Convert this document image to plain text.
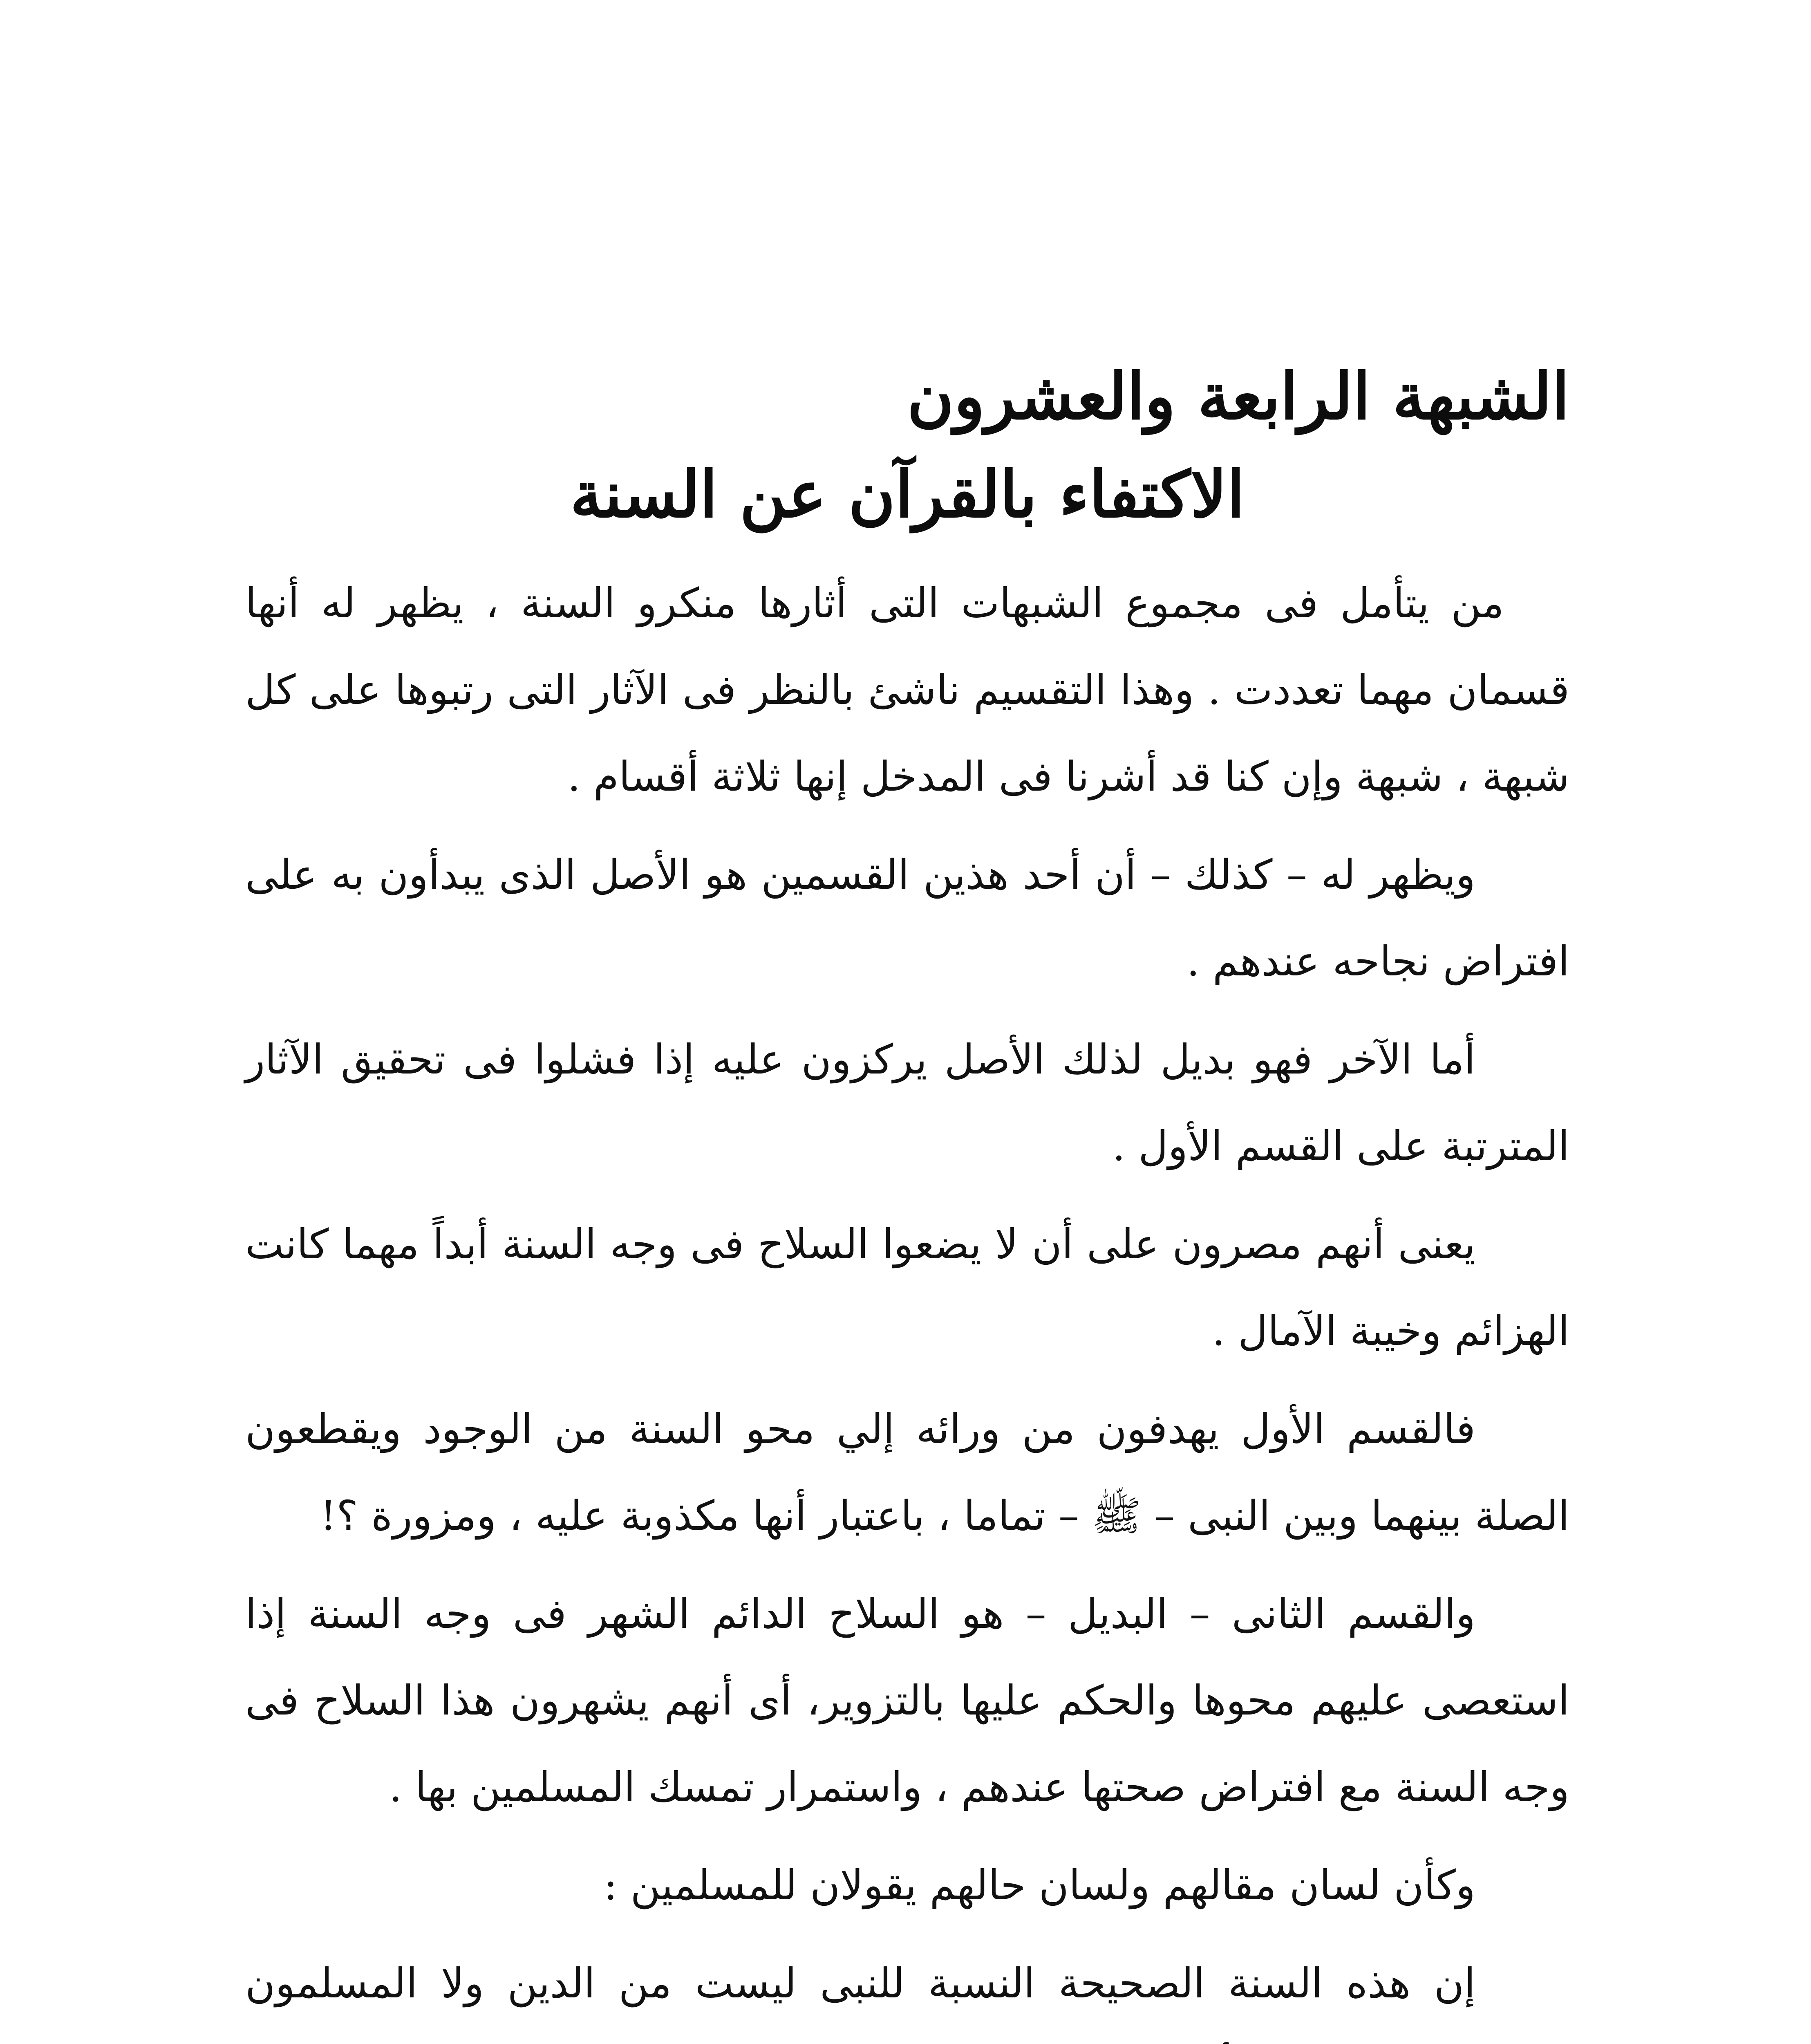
الشبهة الرابعة والعشرون
الاكتفاء بالقرآن عن السنة

من يتأمل فى مجموع الشبهات التى أثارها منكرو السنة ، يظهر له أنها قسمان مهما تعددت . وهذا التقسيم ناشئ بالنظر فى الآثار التى رتبوها على كل شبهة ، شبهة وإن كنا قد أشرنا فى المدخل إنها ثلاثة أقسام .

ويظهر له – كذلك – أن أحد هذين القسمين هو الأصل الذى يبدأون به على افتراض نجاحه عندهم .

أما الآخر فهو بديل لذلك الأصل يركزون عليه إذا فشلوا فى تحقيق الآثار المترتبة على القسم الأول .

يعنى أنهم مصرون على أن لا يضعوا السلاح فى وجه السنة أبداً مهما كانت الهزائم وخيبة الآمال .

فالقسم الأول يهدفون من ورائه إلي محو السنة من الوجود ويقطعون الصلة بينهما وبين النبى – ﷺ – تماما ، باعتبار أنها مكذوبة عليه ، ومزورة ؟!

والقسم الثانى – البديل – هو السلاح الدائم الشهر فى وجه السنة إذا استعصى عليهم محوها والحكم عليها بالتزوير، أى أنهم يشهرون هذا السلاح فى وجه السنة مع افتراض صحتها عندهم ، واستمرار تمسك المسلمين بها .

وكأن لسان مقالهم ولسان حالهم يقولان للمسلمين :

إن هذه السنة الصحيحة النسبة للنبى ليست من الدين ولا المسلمون
